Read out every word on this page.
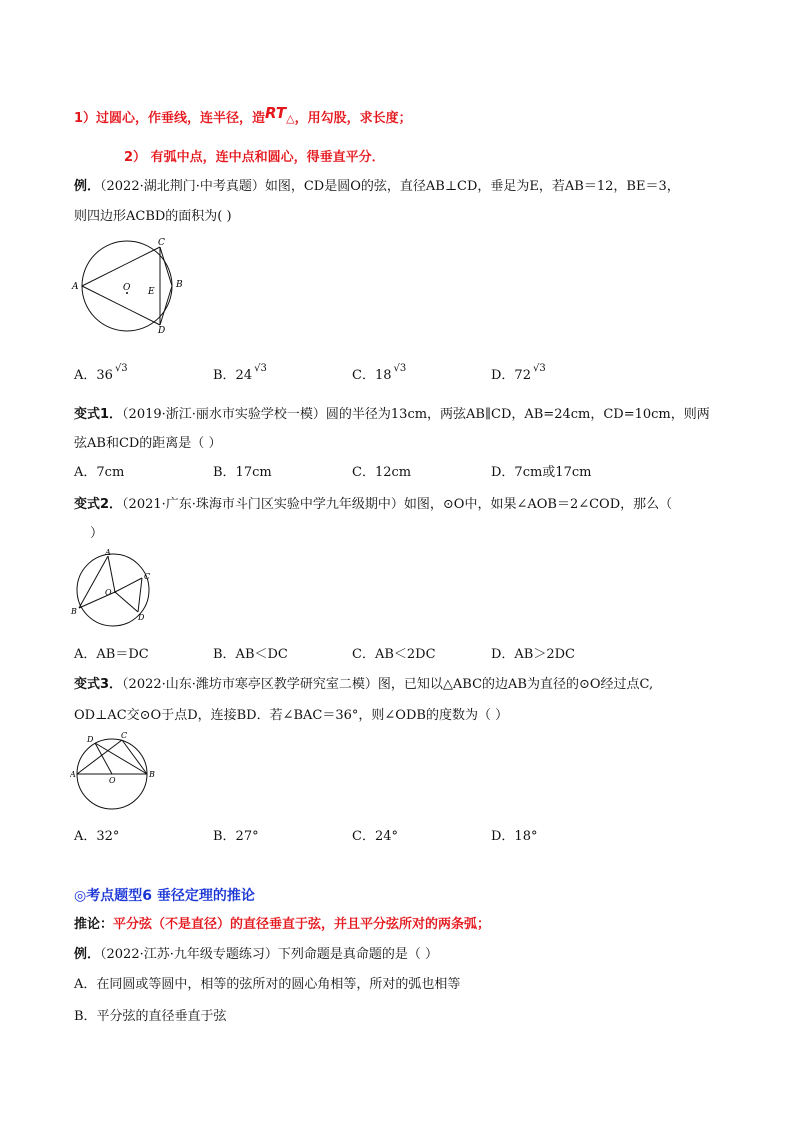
1）过圆心，作垂线，连半径，造RT△，用勾股，求长度；
2） 有弧中点，连中点和圆心，得垂直平分．
例．（2022·湖北荆门·中考真题）如图，CD是圆O的弦，直径AB⊥CD，垂足为E，若AB＝12，BE＝3，
则四边形ACBD的面积为( )
C
A	O E
B
D
A．36 $^{√3}$	B．24 $^{√3}$	C．18 $^{√3}$	D．72 $^{√3}$
变式1．（2019·浙江·丽水市实验学校一模）圆的半径为13cm，两弦AB∥CD，AB=24cm，CD=10cm，则两
弦AB和CD的距离是（ ）
A．7cm	B．17cm	C．12cm	D．7cm或17cm
变式2．（2021·广东·珠海市斗门区实验中学九年级期中）如图，⊙O中，如果∠AOB＝2∠COD，那么（
）
A
C
O
B
D
A．AB＝DC	B．AB＜DC	C．AB＜2DC	D．AB＞2DC
变式3．（2022·山东·潍坊市寒亭区教学研究室二模）图，已知以△ABC的边AB为直径的⊙O经过点C,
OD⊥AC交⊙O于点D，连接BD．若∠BAC＝36°，则∠ODB的度数为（ ）
D	C
A
O
B
A．32°	B．27°	C．24°	D．18°
◎考点题型6 垂径定理的推论
推论：平分弦（不是直径）的直径垂直于弦，并且平分弦所对的两条弧；
例．（2022·江苏·九年级专题练习）下列命题是真命题的是（ ）
A．在同圆或等圆中，相等的弦所对的圆心角相等，所对的弧也相等
B．平分弦的直径垂直于弦
